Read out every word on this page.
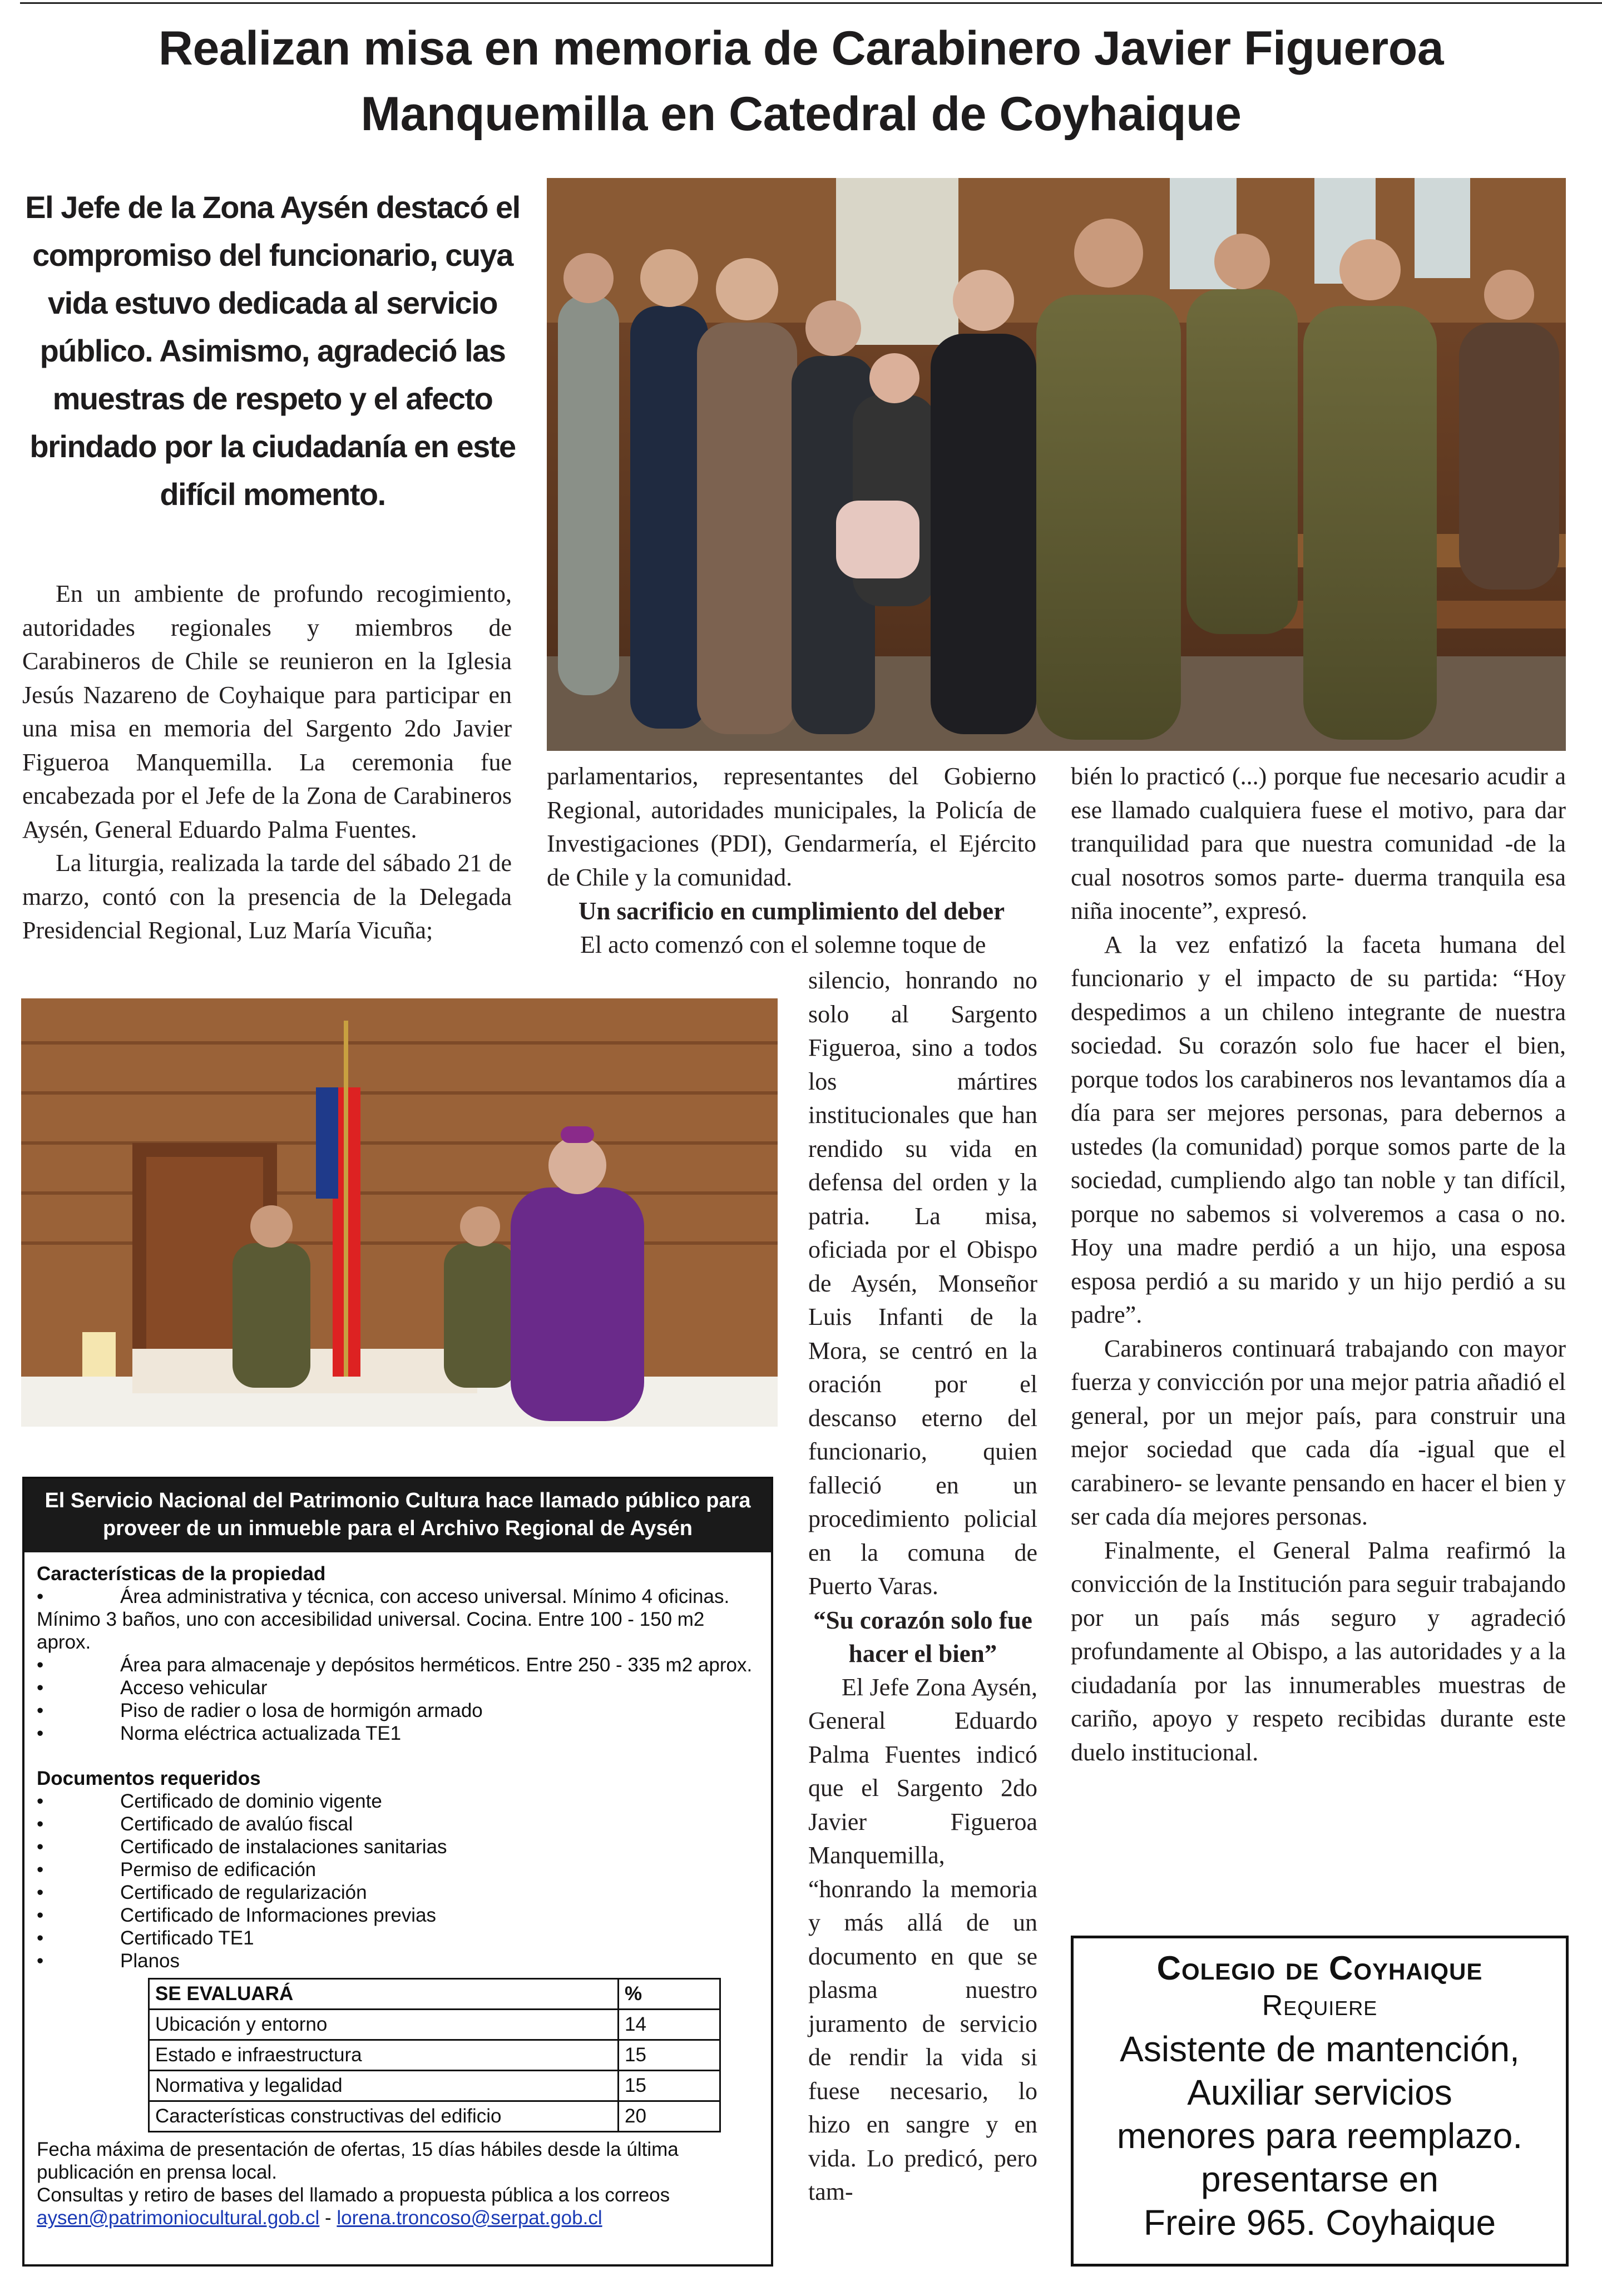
Realizan misa en memoria de Carabinero Javier Figueroa
Manquemilla en Catedral de Coyhaique
El Jefe de la Zona Aysén destacó el compromiso del funcionario, cuya vida estuvo dedicada al servicio público. Asimismo, agradeció las muestras de respeto y el afecto brindado por la ciudadanía en este difícil momento.

En un ambiente de profundo recogimiento, autoridades regionales y miembros de Carabineros de Chile se reunieron en la Iglesia Jesús Nazareno de Coyhaique para participar en una misa en memoria del Sargento 2do Javier Figueroa Manquemilla. La ceremonia fue encabezada por el Jefe de la Zona de Carabineros Aysén, General Eduardo Palma Fuentes.

La liturgia, realizada la tarde del sábado 21 de marzo, contó con la presencia de la Delegada Presidencial Regional, Luz María Vicuña;

parlamentarios, representantes del Gobierno Regional, autoridades municipales, la Policía de Investigaciones (PDI), Gendarmería, el Ejército de Chile y la comunidad.

Un sacrificio en cumplimiento del deber

El acto comenzó con el solemne toque de

silencio, honrando no solo al Sargento Figueroa, sino a todos los mártires institucionales que han rendido su vida en defensa del orden y la patria. La misa, oficiada por el Obispo de Aysén, Monseñor Luis Infanti de la Mora, se centró en la oración por el descanso eterno del funcionario, quien falleció en un procedimiento policial en la comuna de Puerto Varas.

“Su corazón solo fue hacer el bien”

El Jefe Zona Aysén, General Eduardo Palma Fuentes indicó que el Sargento 2do Javier Figueroa Manquemilla, “honrando la memoria y más allá de un documento en que se plasma nuestro juramento de servicio de rendir la vida si fuese necesario, lo hizo en sangre y en vida. Lo predicó, pero tam-

bién lo practicó (...) porque fue necesario acudir a ese llamado cualquiera fuese el motivo, para dar tranquilidad para que nuestra comunidad -de la cual nosotros somos parte- duerma tranquila esa niña inocente”, expresó.

A la vez enfatizó la faceta humana del funcionario y el impacto de su partida: “Hoy despedimos a un chileno integrante de nuestra sociedad. Su corazón solo fue hacer el bien, porque todos los carabineros nos levantamos día a día para ser mejores personas, para debernos a ustedes (la comunidad) porque somos parte de la sociedad, cumpliendo algo tan noble y tan difícil, porque no sabemos si volveremos a casa o no. Hoy una madre perdió a un hijo, una esposa esposa perdió a su marido y un hijo perdió a su padre”.

Carabineros continuará trabajando con mayor fuerza y convicción por una mejor patria añadió el general, por un mejor país, para construir una mejor sociedad que cada día -igual que el carabinero- se levante pensando en hacer el bien y ser cada día mejores personas.

Finalmente, el General Palma reafirmó la convicción de la Institución para seguir trabajando por un país más seguro y agradeció profundamente al Obispo, a las autoridades y a la ciudadanía por las innumerables muestras de cariño, apoyo y respeto recibidas durante este duelo institucional.

El Servicio Nacional del Patrimonio Cultura hace llamado público para proveer de un inmueble para el Archivo Regional de Aysén
Características de la propiedad
•	Área administrativa y técnica, con acceso universal. Mínimo 4 oficinas. Mínimo 3 baños, uno con accesibilidad universal. Cocina. Entre 100 - 150 m2 aprox.
•	Área para almacenaje y depósitos herméticos. Entre 250 - 335 m2 aprox.
•	Acceso vehicular
•	Piso de radier o losa de hormigón armado
•	Norma eléctrica actualizada TE1
Documentos requeridos
•	Certificado de dominio vigente
•	Certificado de avalúo fiscal
•	Certificado de instalaciones sanitarias
•	Permiso de edificación
•	Certificado de regularización
•	Certificado de Informaciones previas
•	Certificado TE1
•	Planos
SE EVALUARÁ	%
Ubicación y entorno	14
Estado e infraestructura	15
Normativa y legalidad	15
Características constructivas del edificio	20
Fecha máxima de presentación de ofertas, 15 días hábiles desde la última publicación en prensa local.
Consultas y retiro de bases del llamado a propuesta pública a los correos
aysen@patrimoniocultural.gob.cl - lorena.troncoso@serpat.gob.cl
Colegio de Coyhaique
Requiere
Asistente de mantención,
Auxiliar servicios
menores para reemplazo.
presentarse en
Freire 965. Coyhaique
